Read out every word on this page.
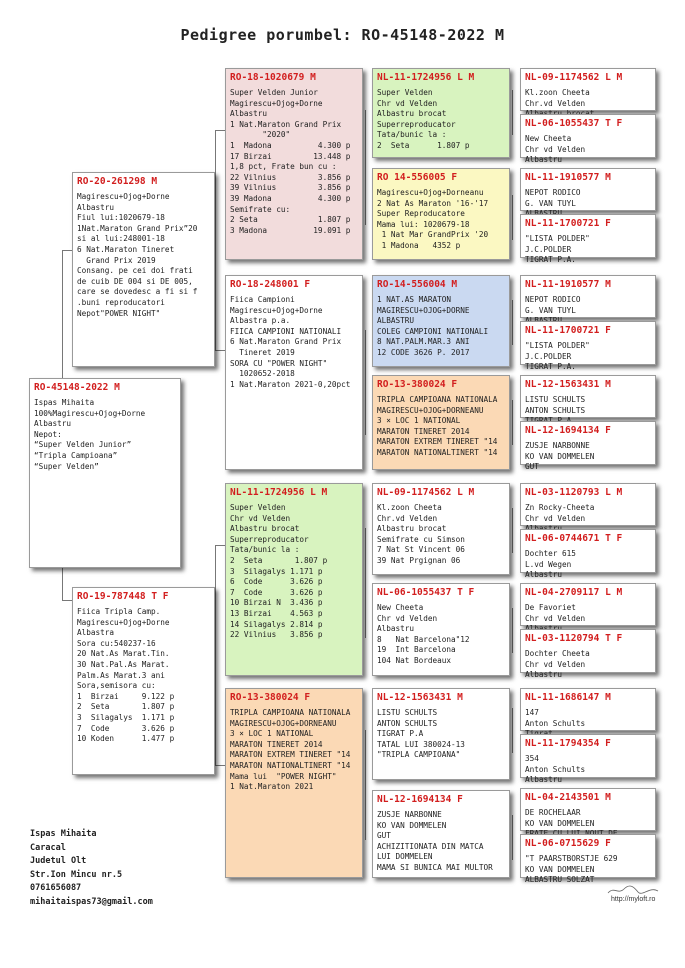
Pedigree porumbel: RO-45148-2022 M
RO-45148-2022 M
Ispas Mihaita
100%Magirescu+Ojog+Dorne
Albastru
Nepot:
“Super Velden Junior”
“Tripla Campioana”
“Super Velden”
RO-20-261298 M
Magirescu+Ojog+Dorne
Albastru
Fiul lui:1020679-18
1Nat.Maraton Grand Prix”20
si al lui:248001-18
6 Nat.Maraton Tineret
Grand Prix 2019
Consang. pe cei doi frati
de cuib DE 004 si DE 005,
care se dovedesc a fi si f
.buni reproducatori
Nepot"POWER NIGHT"
RO-19-787448 T F
Fiica Tripla Camp.
Magirescu+Ojog+Dorne
Albastra
Sora cu:540237-16
20 Nat.As Marat.Tin.
30 Nat.Pal.As Marat.
Palm.As Marat.3 ani
Sora,semisora cu:
1  Birzai     9.122 p
2  Seta       1.807 p
3  Silagalys  1.171 p
7  Code       3.626 p
10 Koden      1.477 p
RO-18-1020679 M
Super Velden Junior
Magirescu+Ojog+Dorne
Albastru
1 Nat.Maraton Grand Prix
"2020"
1  Madona          4.300 p
17 Birzai         13.448 p
1,8 pct, Frate bun cu :
22 Vilnius         3.856 p
39 Vilnius         3.856 p
39 Madona          4.300 p
Semifrate cu:
2 Seta             1.807 p
3 Madona          19.091 p
RO-18-248001 F
Fiica Campioni
Magirescu+Ojog+Dorne
Albastra p.a.
FIICA CAMPIONI NATIONALI
6 Nat.Maraton Grand Prix
Tineret 2019
SORA CU "POWER NIGHT"
1020652-2018
1 Nat.Maraton 2021-0,20pct
NL-11-1724956 L M
Super Velden
Chr vd Velden
Albastru brocat
Superreproducator
Tata/bunic la :
2  Seta       1.807 p
3  Silagalys 1.171 p
6  Code      3.626 p
7  Code      3.626 p
10 Birzai N  3.436 p
13 Birzai    4.563 p
14 Silagalys 2.814 p
22 Vilnius   3.856 p
RO-13-380024 F
TRIPLA CAMPIOANA NATIONALA
MAGIRESCU+OJOG+DORNEANU
3 × LOC 1 NATIONAL
MARATON TINERET 2014
MARATON EXTREM TINERET "14
MARATON NATIONALTINERT "14
Mama lui  "POWER NIGHT"
1 Nat.Maraton 2021
NL-11-1724956 L M
Super Velden
Chr vd Velden
Albastru brocat
Superreproducator
Tata/bunic la :
2  Seta      1.807 p
RO 14-556005 F
Magirescu+Ojog+Dorneanu
2 Nat As Maraton '16-'17
Super Reproducatore
Mama lui: 1020679-18
1 Nat Mar GrandPrix '20
1 Madona   4352 p
RO-14-556004 M
1 NAT.AS MARATON
MAGIRESCU+OJOG+DORNE
ALBASTRU
COLEG CAMPIONI NATIONALI
8 NAT.PALM.MAR.3 ANI
12 CODE 3626 P. 2017
RO-13-380024 F
TRIPLA CAMPIOANA NATIONALA
MAGIRESCU+OJOG+DORNEANU
3 × LOC 1 NATIONAL
MARATON TINERET 2014
MARATON EXTREM TINERET "14
MARATON NATIONALTINERT "14
NL-09-1174562 L M
Kl.zoon Cheeta
Chr.vd Velden
Albastru brocat
Semifrate cu Simson
7 Nat St Vincent 06
39 Nat Prgignan 06
NL-06-1055437 T F
New Cheeta
Chr vd Velden
Albastru
8   Nat Barcelona"12
19  Int Barcelona
104 Nat Bordeaux
NL-12-1563431 M
LISTU SCHULTS
ANTON SCHULTS
TIGRAT P.A
TATAL LUI 380024-13
"TRIPLA CAMPIOANA"
NL-12-1694134 F
ZUSJE NARBONNE
KO VAN DOMMELEN
GUT
ACHIZITIONATA DIN MATCA
LUI DOMMELEN
MAMA SI BUNICA MAI MULTOR
NL-09-1174562 L M
Kl.zoon Cheeta
Chr.vd Velden

NL-06-1055437 T F
New Cheeta
Chr vd Velden
Albastru
NL-11-1910577 M
NEPOT RODICO
G. VAN TUYL

NL-11-1700721 F
"LISTA POLDER"
J.C.POLDER
TIGRAT P.A.
NL-11-1910577 M
NEPOT RODICO
G. VAN TUYL

NL-11-1700721 F
"LISTA POLDER"
J.C.POLDER
TIGRAT P.A.
NL-12-1563431 M
LISTU SCHULTS
ANTON SCHULTS

NL-12-1694134 F
ZUSJE NARBONNE
KO VAN DOMMELEN
GUT
NL-03-1120793 L M
Zn Rocky-Cheeta
Chr vd Velden

NL-06-0744671 T F
Dochter 615
L.vd Wegen
Albastru
NL-04-2709117 L M
De Favoriet
Chr vd Velden

NL-03-1120794 T F
Dochter Cheeta
Chr vd Velden
Albastru
NL-11-1686147 M
147
Anton Schults

NL-11-1794354 F
354
Anton Schults
Albastru
NL-04-2143501 M
DE ROCHELAAR
KO VAN DOMMELEN

NL-06-0715629 F
"T PAARSTBORSTJE 629
KO VAN DOMMELEN
ALBASTRU SOLZAT
Ispas Mihaita
Caracal
Judetul Olt
Str.Ion Mincu nr.5
0761656087
mihaitaispas73@gmail.com	http://myloft.ro
